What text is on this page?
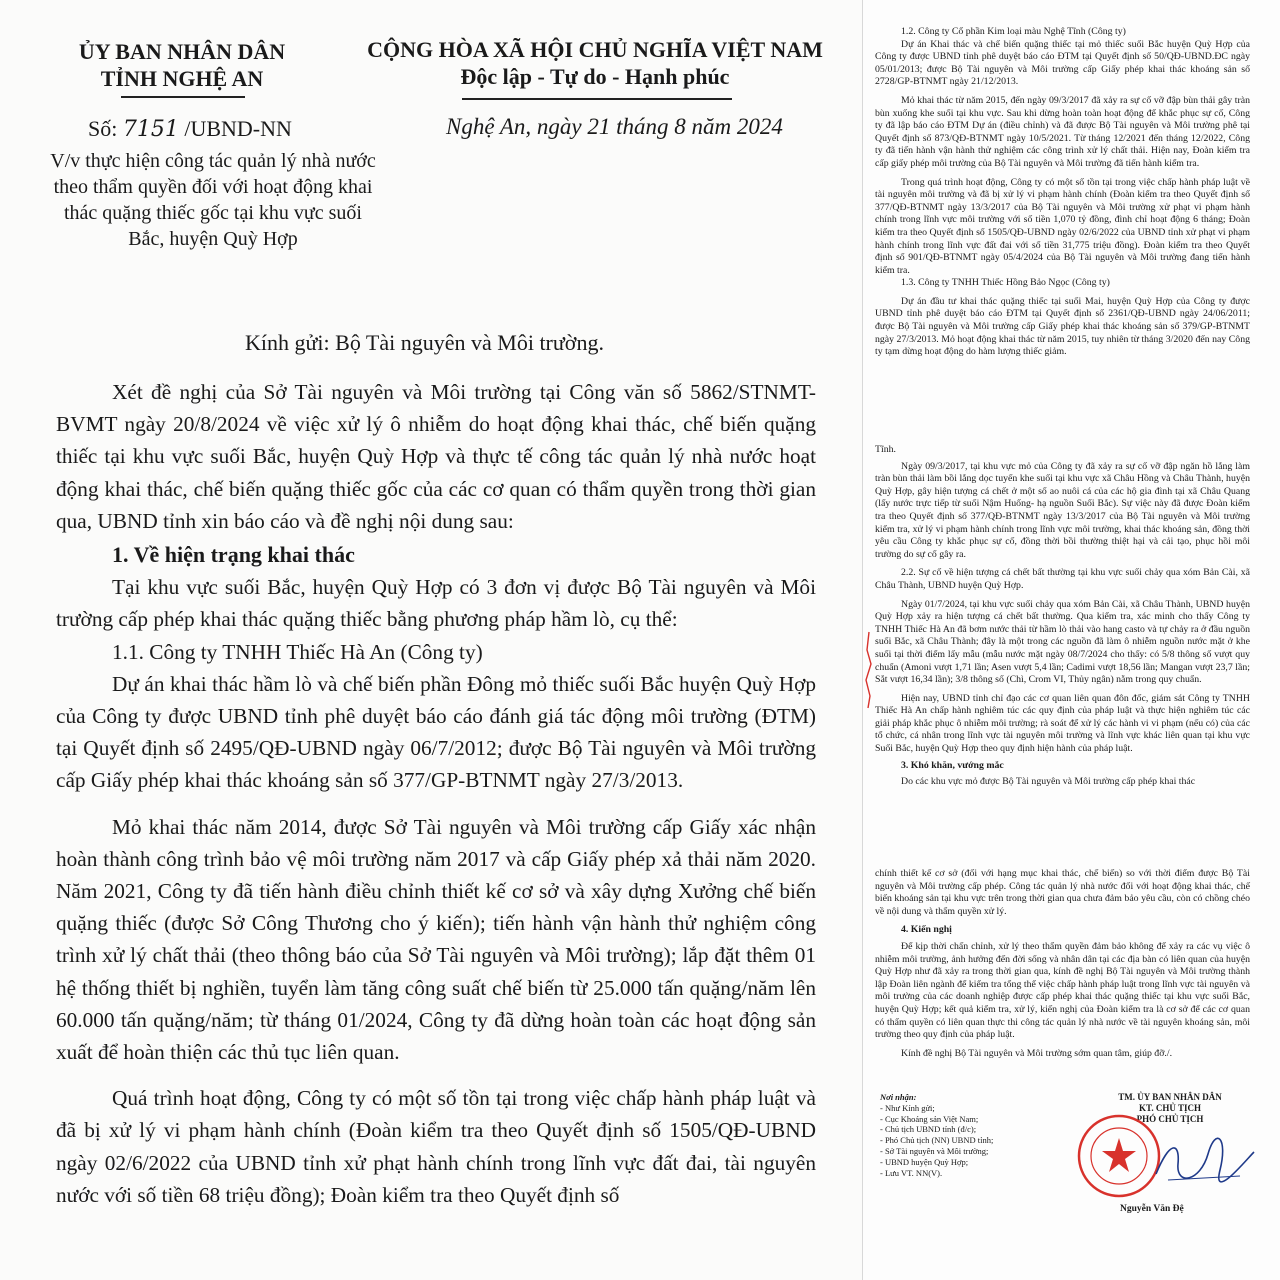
ỦY BAN NHÂN DÂN
TỈNH NGHỆ AN
CỘNG HÒA XÃ HỘI CHỦ NGHĨA VIỆT NAM
Độc lập - Tự do - Hạnh phúc
Số: 7151 /UBND-NN
V/v thực hiện công tác quản lý nhà nước theo thẩm quyền đối với hoạt động khai thác quặng thiếc gốc tại khu vực suối Bắc, huyện Quỳ Hợp
Nghệ An, ngày 21 tháng 8 năm 2024
Kính gửi: Bộ Tài nguyên và Môi trường.

Xét đề nghị của Sở Tài nguyên và Môi trường tại Công văn số 5862/STNMT-BVMT ngày 20/8/2024 về việc xử lý ô nhiễm do hoạt động khai thác, chế biến quặng thiếc tại khu vực suối Bắc, huyện Quỳ Hợp và thực tế công tác quản lý nhà nước hoạt động khai thác, chế biến quặng thiếc gốc của các cơ quan có thẩm quyền trong thời gian qua, UBND tỉnh xin báo cáo và đề nghị nội dung sau:

1. Về hiện trạng khai thác

Tại khu vực suối Bắc, huyện Quỳ Hợp có 3 đơn vị được Bộ Tài nguyên và Môi trường cấp phép khai thác quặng thiếc bằng phương pháp hầm lò, cụ thể:

1.1. Công ty TNHH Thiếc Hà An (Công ty)

Dự án khai thác hầm lò và chế biến phần Đông mỏ thiếc suối Bắc huyện Quỳ Hợp của Công ty được UBND tỉnh phê duyệt báo cáo đánh giá tác động môi trường (ĐTM) tại Quyết định số 2495/QĐ-UBND ngày 06/7/2012; được Bộ Tài nguyên và Môi trường cấp Giấy phép khai thác khoáng sản số 377/GP-BTNMT ngày 27/3/2013.

Mỏ khai thác năm 2014, được Sở Tài nguyên và Môi trường cấp Giấy xác nhận hoàn thành công trình bảo vệ môi trường năm 2017 và cấp Giấy phép xả thải năm 2020. Năm 2021, Công ty đã tiến hành điều chỉnh thiết kế cơ sở và xây dựng Xưởng chế biến quặng thiếc (được Sở Công Thương cho ý kiến); tiến hành vận hành thử nghiệm công trình xử lý chất thải (theo thông báo của Sở Tài nguyên và Môi trường); lắp đặt thêm 01 hệ thống thiết bị nghiền, tuyển làm tăng công suất chế biến từ 25.000 tấn quặng/năm lên 60.000 tấn quặng/năm; từ tháng 01/2024, Công ty đã dừng hoàn toàn các hoạt động sản xuất để hoàn thiện các thủ tục liên quan.

Quá trình hoạt động, Công ty có một số tồn tại trong việc chấp hành pháp luật và đã bị xử lý vi phạm hành chính (Đoàn kiểm tra theo Quyết định số 1505/QĐ-UBND ngày 02/6/2022 của UBND tỉnh xử phạt hành chính trong lĩnh vực đất đai, tài nguyên nước với số tiền 68 triệu đồng); Đoàn kiểm tra theo Quyết định số

1.2. Công ty Cổ phần Kim loại màu Nghệ Tĩnh (Công ty)

Dự án Khai thác và chế biến quặng thiếc tại mỏ thiếc suối Bắc huyện Quỳ Hợp của Công ty được UBND tỉnh phê duyệt báo cáo ĐTM tại Quyết định số 50/QĐ-UBND.ĐC ngày 05/01/2013; được Bộ Tài nguyên và Môi trường cấp Giấy phép khai thác khoáng sản số 2728/GP-BTNMT ngày 21/12/2013.

Mỏ khai thác từ năm 2015, đến ngày 09/3/2017 đã xảy ra sự cố vỡ đập bùn thải gây tràn bùn xuống khe suối tại khu vực. Sau khi dừng hoàn toàn hoạt động để khắc phục sự cố, Công ty đã lập báo cáo ĐTM Dự án (điều chỉnh) và đã được Bộ Tài nguyên và Môi trường phê tại Quyết định số 873/QĐ-BTNMT ngày 10/5/2021. Từ tháng 12/2021 đến tháng 12/2022, Công ty đã tiến hành vận hành thử nghiệm các công trình xử lý chất thải. Hiện nay, Đoàn kiểm tra cấp giấy phép môi trường của Bộ Tài nguyên và Môi trường đã tiến hành kiểm tra.

Trong quá trình hoạt động, Công ty có một số tồn tại trong việc chấp hành pháp luật về tài nguyên môi trường và đã bị xử lý vi phạm hành chính (Đoàn kiểm tra theo Quyết định số 377/QĐ-BTNMT ngày 13/3/2017 của Bộ Tài nguyên và Môi trường xử phạt vi phạm hành chính trong lĩnh vực môi trường với số tiền 1,070 tỷ đồng, đình chỉ hoạt động 6 tháng; Đoàn kiểm tra theo Quyết định số 1505/QĐ-UBND ngày 02/6/2022 của UBND tỉnh xử phạt vi phạm hành chính trong lĩnh vực đất đai với số tiền 31,775 triệu đồng). Đoàn kiểm tra theo Quyết định số 901/QĐ-BTNMT ngày 05/4/2024 của Bộ Tài nguyên và Môi trường đang tiến hành kiểm tra.

1.3. Công ty TNHH Thiếc Hồng Bảo Ngọc (Công ty)

Dự án đầu tư khai thác quặng thiếc tại suối Mai, huyện Quỳ Hợp của Công ty được UBND tỉnh phê duyệt báo cáo ĐTM tại Quyết định số 2361/QĐ-UBND ngày 24/06/2011; được Bộ Tài nguyên và Môi trường cấp Giấy phép khai thác khoáng sản số 379/GP-BTNMT ngày 27/3/2013. Mỏ hoạt động khai thác từ năm 2015, tuy nhiên từ tháng 3/2020 đến nay Công ty tạm dừng hoạt động do hàm lượng thiếc giảm.

Tĩnh.

Ngày 09/3/2017, tại khu vực mỏ của Công ty đã xảy ra sự cố vỡ đập ngăn hồ lắng làm tràn bùn thải làm bồi lắng dọc tuyến khe suối tại khu vực xã Châu Hồng và Châu Thành, huyện Quỳ Hợp, gây hiện tượng cá chết ở một số ao nuôi cá của các hộ gia đình tại xã Châu Quang (lấy nước trực tiếp từ suối Nậm Huống- hạ nguồn Suối Bắc). Sự việc này đã được Đoàn kiểm tra theo Quyết định số 377/QĐ-BTNMT ngày 13/3/2017 của Bộ Tài nguyên và Môi trường kiểm tra, xử lý vi phạm hành chính trong lĩnh vực môi trường, khai thác khoáng sản, đồng thời yêu cầu Công ty khắc phục sự cố, đồng thời bồi thường thiệt hại và cải tạo, phục hồi môi trường do sự cố gây ra.

2.2. Sự cố về hiện tượng cá chết bất thường tại khu vực suối chảy qua xóm Bản Cài, xã Châu Thành, UBND huyện Quỳ Hợp.

Ngày 01/7/2024, tại khu vực suối chảy qua xóm Bản Cài, xã Châu Thành, UBND huyện Quỳ Hợp xảy ra hiện tượng cá chết bất thường. Qua kiểm tra, xác minh cho thấy Công ty TNHH Thiếc Hà An đã bơm nước thải từ hầm lò thải vào hang casto và tự chảy ra ở đầu nguồn suối Bắc, xã Châu Thành; đây là một trong các nguồn đã làm ô nhiễm nguồn nước mặt ở khe suối tại thời điểm lấy mẫu (mẫu nước mặt ngày 08/7/2024 cho thấy: có 5/8 thông số vượt quy chuẩn (Amoni vượt 1,71 lần; Asen vượt 5,4 lần; Cadimi vượt 18,56 lần; Mangan vượt 23,7 lần; Sắt vượt 16,34 lần); 3/8 thông số (Chì, Crom VI, Thủy ngân) nằm trong quy chuẩn.

Hiện nay, UBND tỉnh chỉ đạo các cơ quan liên quan đôn đốc, giám sát Công ty TNHH Thiếc Hà An chấp hành nghiêm túc các quy định của pháp luật và thực hiện nghiêm túc các giải pháp khắc phục ô nhiễm môi trường; rà soát để xử lý các hành vi vi phạm (nếu có) của các tổ chức, cá nhân trong lĩnh vực tài nguyên môi trường và lĩnh vực khác liên quan tại khu vực Suối Bắc, huyện Quỳ Hợp theo quy định hiện hành của pháp luật.

3. Khó khăn, vướng mắc

Do các khu vực mỏ được Bộ Tài nguyên và Môi trường cấp phép khai thác

chính thiết kế cơ sở (đối với hạng mục khai thác, chế biến) so với thời điểm được Bộ Tài nguyên và Môi trường cấp phép. Công tác quản lý nhà nước đối với hoạt động khai thác, chế biến khoáng sản tại khu vực trên trong thời gian qua chưa đảm bảo yêu cầu, còn có chồng chéo về nội dung và thẩm quyền xử lý.

4. Kiến nghị

Để kịp thời chấn chỉnh, xử lý theo thẩm quyền đảm bảo không để xảy ra các vụ việc ô nhiễm môi trường, ảnh hưởng đến đời sống và nhân dân tại các địa bàn có liên quan của huyện Quỳ Hợp như đã xảy ra trong thời gian qua, kính đề nghị Bộ Tài nguyên và Môi trường thành lập Đoàn liên ngành để kiểm tra tổng thể việc chấp hành pháp luật trong lĩnh vực tài nguyên và môi trường của các doanh nghiệp được cấp phép khai thác quặng thiếc tại khu vực suối Bắc, huyện Quỳ Hợp; kết quả kiểm tra, xử lý, kiến nghị của Đoàn kiểm tra là cơ sở để các cơ quan có thẩm quyền có liên quan thực thi công tác quản lý nhà nước về tài nguyên khoáng sản, môi trường theo quy định của pháp luật.

Kính đề nghị Bộ Tài nguyên và Môi trường sớm quan tâm, giúp đỡ./.

Nơi nhận:
- Như Kính gửi;
- Cục Khoáng sản Việt Nam;
- Chủ tịch UBND tỉnh (đ/c);
- Phó Chủ tịch (NN) UBND tỉnh;
- Sở Tài nguyên và Môi trường;
- UBND huyện Quỳ Hợp;
- Lưu VT. NN(V).
TM. ỦY BAN NHÂN DÂN
KT. CHỦ TỊCH
PHÓ CHỦ TỊCH
Nguyễn Văn Đệ
